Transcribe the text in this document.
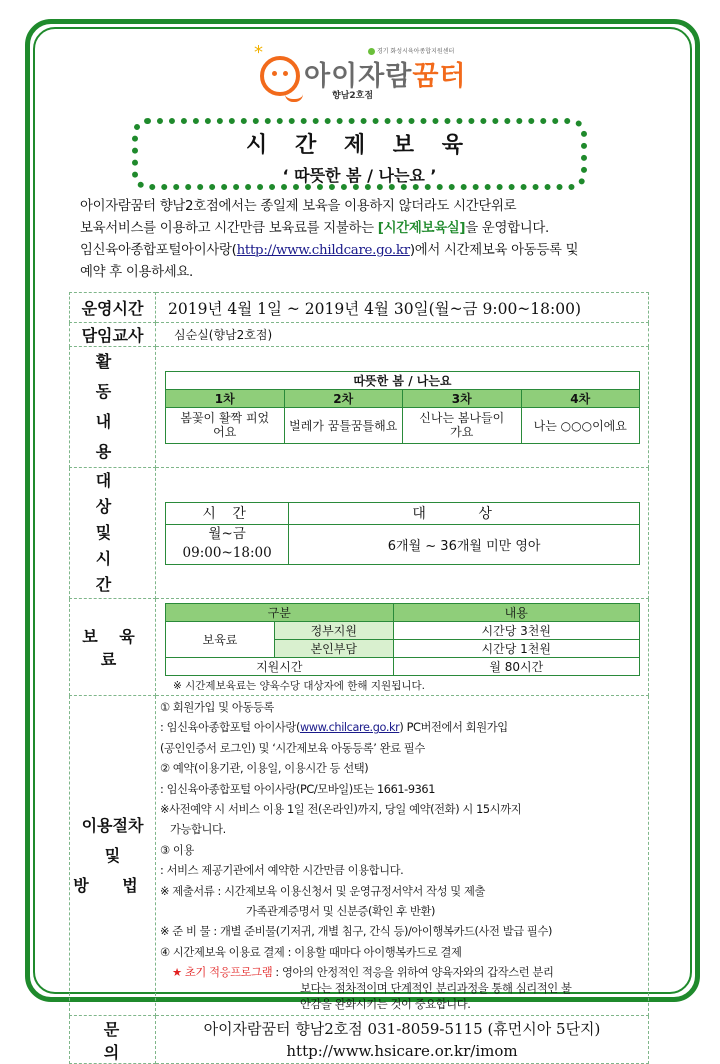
*
아이자람꿈터
경기 화성시육아종합지원센터
향남2호점
시 간 제 보 육
‘ 따뜻한 봄 / 나는요 ’
아이자람꿈터 향남2호점에서는 종일제 보육을 이용하지 않더라도 시간단위로
보육서비스를 이용하고 시간만큼 보육료를 지불하는 [시간제보육실]을 운영합니다.
임신육아종합포털아이사랑(http://www.childcare.go.kr)에서 시간제보육 아동등록 및
예약 후 이용하세요.
운영시간	2019년 4월 1일 ~ 2019년 4월 30일(월~금 9:00~18:00)
담임교사	심순실(향남2호점)

활 동
내 용

따뜻한 봄 / 나는요
1차	2차	3차	4차
봄꽃이 활짝 피었어요	벌레가 꿈틀꿈틀해요	신나는 봄나들이 가요	나는 ○○○이에요

대 상
및
시 간

시 간	대 상

월~금
09:00~18:00	6개월 ~ 36개월 미만 영아

보 육 료	
구분	내용
보육료	정부지원	시간당 3천원
본인부담	시간당 1천원
지원시간	월 80시간
※ 시간제보육료는 양육수당 대상자에 한해 지원됩니다.

이용절차
및
방 법

① 회원가입 및 아동등록
: 임신육아종합포털 아이사랑(www.chilcare.go.kr) PC버전에서 회원가입
(공인인증서 로그인) 및 ‘시간제보육 아동등록’ 완료 필수
② 예약(이용기관, 이용일, 이용시간 등 선택)
: 임신육아종합포털 아이사랑(PC/모바일)또는 1661-9361
※사전예약 시 서비스 이용 1일 전(온라인)까지, 당일 예약(전화) 시 15시까지
가능합니다.
③ 이용
: 서비스 제공기관에서 예약한 시간만큼 이용합니다.
※ 제출서류 : 시간제보육 이용신청서 및 운영규정서약서 작성 및 제출
가족관계증명서 및 신분증(확인 후 반환)
※ 준 비 물 : 개별 준비물(기저귀, 개별 침구, 간식 등)/아이행복카드(사전 발급 필수)
④ 시간제보육 이용료 결제 : 이용할 때마다 아이행복카드로 결제
★ 초기 적응프로그램 : 영아의 안정적인 적응을 위하여 양육자와의 갑작스런 분리
보다는 점차적이며 단계적인 분리과정을 통해 심리적인 불
안감을 완화시키는 것이 중요합니다.

문 의	
아이자람꿈터 향남2호점 031-8059-5115 (휴먼시아 5단지)
http://www.hsicare.or.kr/imom
